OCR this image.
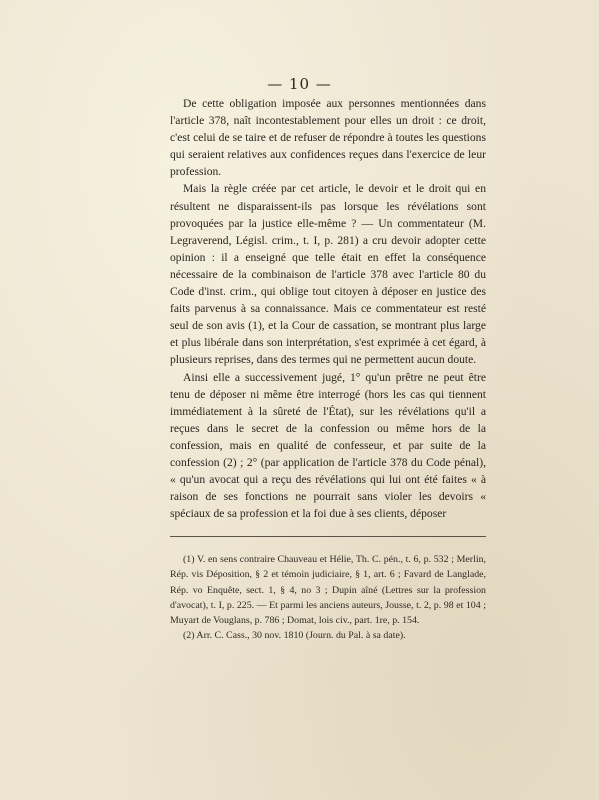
— 10 —

De cette obligation imposée aux personnes mentionnées dans l'article 378, naît incontestablement pour elles un droit : ce droit, c'est celui de se taire et de refuser de répondre à toutes les questions qui seraient relatives aux confidences reçues dans l'exercice de leur profession.

Mais la règle créée par cet article, le devoir et le droit qui en résultent ne disparaissent-ils pas lorsque les révélations sont provoquées par la justice elle-même ? — Un commentateur (M. Legraverend, Législ. crim., t. I, p. 281) a cru devoir adopter cette opinion : il a enseigné que telle était en effet la conséquence nécessaire de la combinaison de l'article 378 avec l'article 80 du Code d'inst. crim., qui oblige tout citoyen à déposer en justice des faits parvenus à sa connaissance. Mais ce commentateur est resté seul de son avis (1), et la Cour de cassation, se montrant plus large et plus libérale dans son interprétation, s'est exprimée à cet égard, à plusieurs reprises, dans des termes qui ne permettent aucun doute.

Ainsi elle a successivement jugé, 1° qu'un prêtre ne peut être tenu de déposer ni même être interrogé (hors les cas qui tiennent immédiatement à la sûreté de l'État), sur les révélations qu'il a reçues dans le secret de la confession ou même hors de la confession, mais en qualité de confesseur, et par suite de la confession (2) ; 2° (par application de l'article 378 du Code pénal), « qu'un avocat qui a reçu des révélations qui lui ont été faites « à raison de ses fonctions ne pourrait sans violer les devoirs « spéciaux de sa profession et la foi due à ses clients, déposer

(1) V. en sens contraire Chauveau et Hélie, Th. C. pén., t. 6, p. 532 ; Merlin, Rép. vis Déposition, § 2 et témoin judiciaire, § 1, art. 6 ; Favard de Langlade, Rép. vo Enquête, sect. 1, § 4, no 3 ; Dupin aîné (Lettres sur la profession d'avocat), t. I, p. 225. — Et parmi les anciens auteurs, Jousse, t. 2, p. 98 et 104 ; Muyart de Vouglans, p. 786 ; Domat, lois civ., part. 1re, p. 154.

(2) Arr. C. Cass., 30 nov. 1810 (Journ. du Pal. à sa date).
